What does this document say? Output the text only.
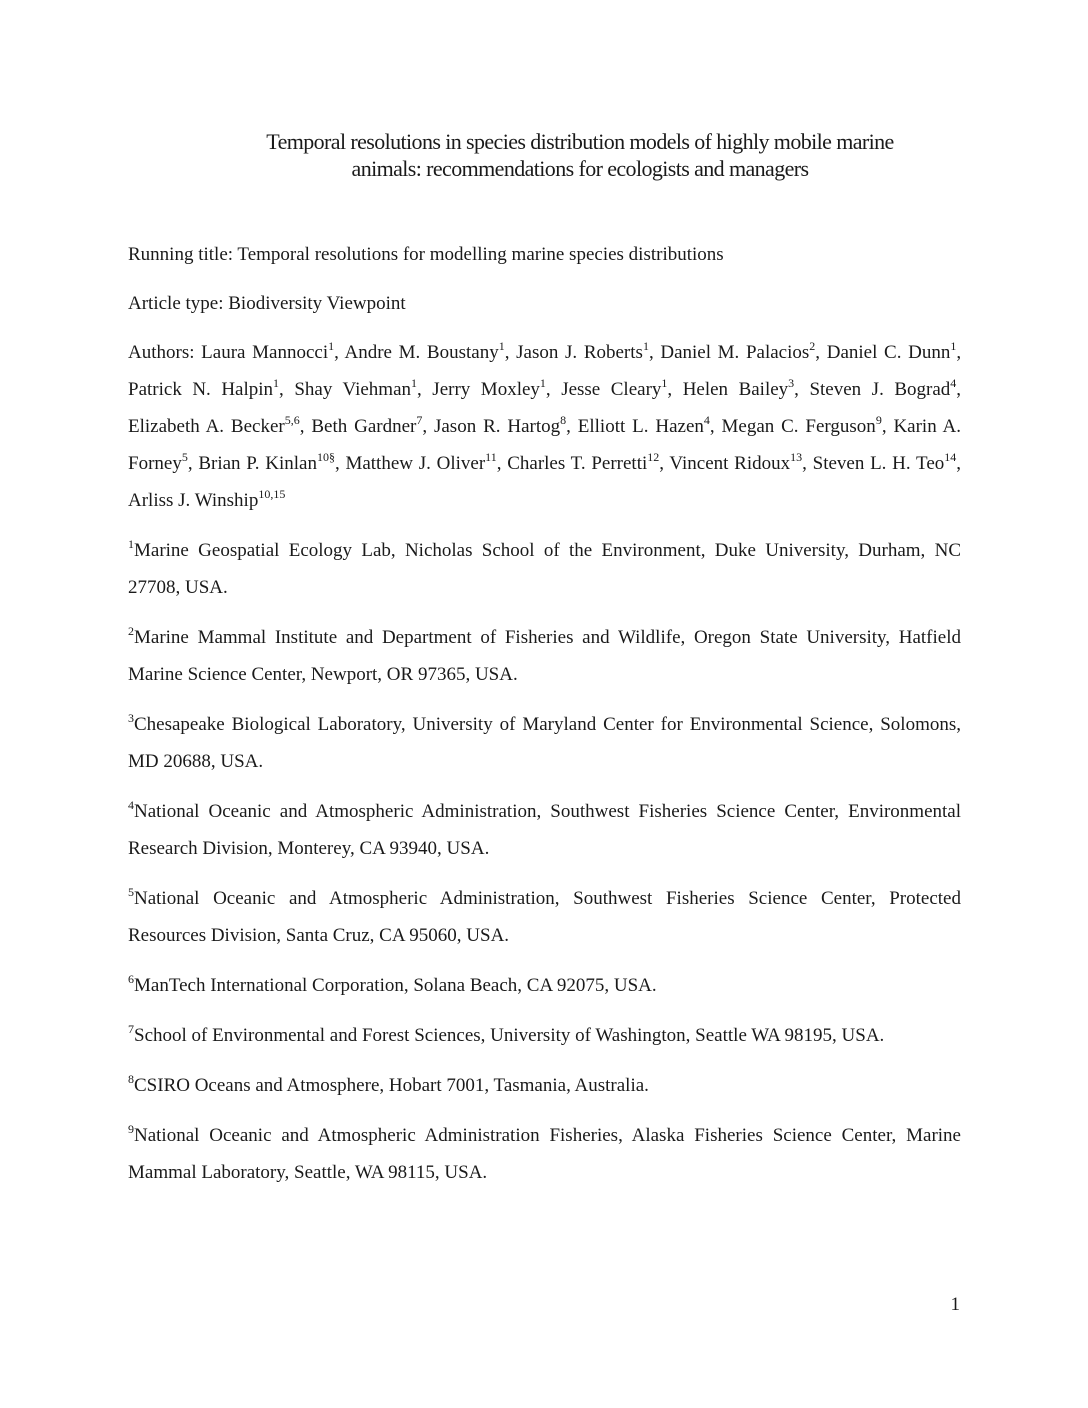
Temporal resolutions in species distribution models of highly mobile marine
animals: recommendations for ecologists and managers

Running title: Temporal resolutions for modelling marine species distributions

Article type: Biodiversity Viewpoint

Authors: Laura Mannocci$^1$, Andre M. Boustany$^1$, Jason J. Roberts$^1$, Daniel M. Palacios$^2$, Daniel C. Dunn$^1$, Patrick N. Halpin$^1$, Shay Viehman$^1$, Jerry Moxley$^1$, Jesse Cleary$^1$, Helen Bailey$^3$, Steven J. Bograd$^4$, Elizabeth A. Becker$^{5,6}$, Beth Gardner$^7$, Jason R. Hartog$^8$, Elliott L. Hazen$^4$, Megan C. Ferguson$^9$, Karin A. Forney$^5$, Brian P. Kinlan$^{10\S}$, Matthew J. Oliver$^{11}$, Charles T. Perretti$^{12}$, Vincent Ridoux$^{13}$, Steven L. H. Teo$^{14}$, Arliss J. Winship$^{10,15}$

$^1$Marine Geospatial Ecology Lab, Nicholas School of the Environment, Duke University, Durham, NC 27708, USA.

$^2$Marine Mammal Institute and Department of Fisheries and Wildlife, Oregon State University, Hatfield Marine Science Center, Newport, OR 97365, USA.

$^3$Chesapeake Biological Laboratory, University of Maryland Center for Environmental Science, Solomons, MD 20688, USA.

$^4$National Oceanic and Atmospheric Administration, Southwest Fisheries Science Center, Environmental Research Division, Monterey, CA 93940, USA.

$^5$National Oceanic and Atmospheric Administration, Southwest Fisheries Science Center, Protected Resources Division, Santa Cruz, CA 95060, USA.

$^6$ManTech International Corporation, Solana Beach, CA 92075, USA.

$^7$School of Environmental and Forest Sciences, University of Washington, Seattle WA 98195, USA.

$^8$CSIRO Oceans and Atmosphere, Hobart 7001, Tasmania, Australia.

$^9$National Oceanic and Atmospheric Administration Fisheries, Alaska Fisheries Science Center, Marine Mammal Laboratory, Seattle, WA 98115, USA.

1
